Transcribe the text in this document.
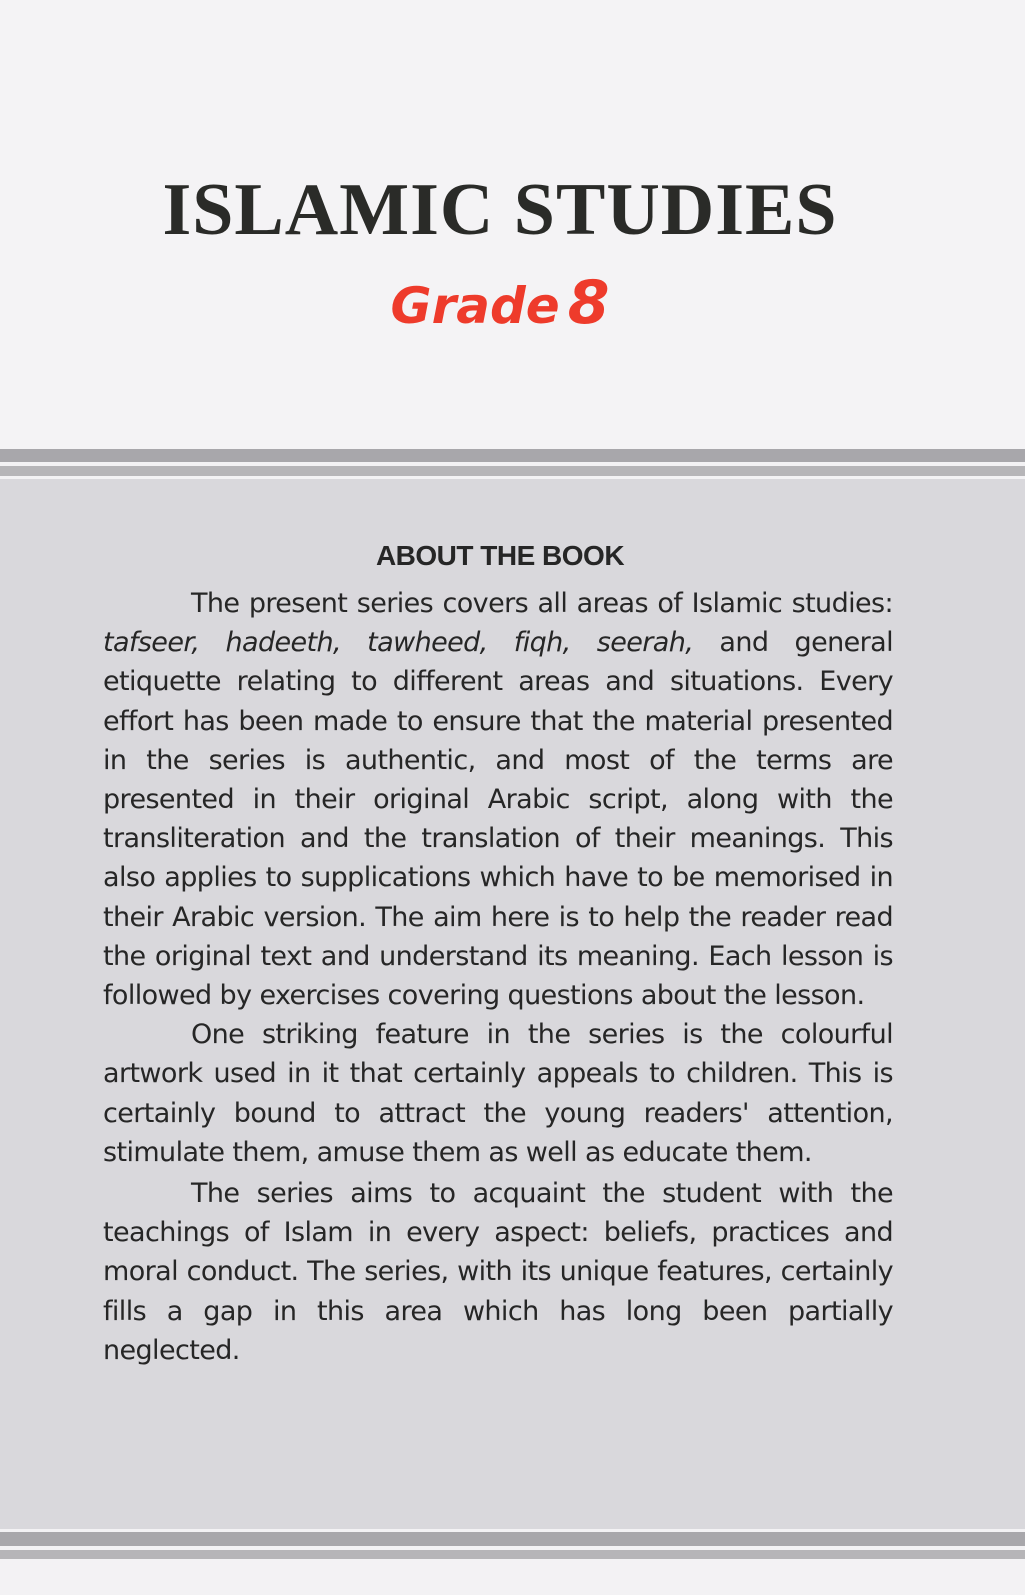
ISLAMIC STUDIES
Grade 8
ABOUT THE BOOK

The present series covers all areas of Islamic studies: tafseer, hadeeth, tawheed, fiqh, seerah, and general etiquette relating to different areas and situations. Every effort has been made to ensure that the material presented in the series is authentic, and most of the terms are presented in their original Arabic script, along with the transliteration and the translation of their meanings. This also applies to supplications which have to be memorised in their Arabic version. The aim here is to help the reader read the original text and understand its meaning. Each lesson is followed by exercises covering questions about the lesson.

One striking feature in the series is the colourful artwork used in it that certainly appeals to children. This is certainly bound to attract the young readers' attention, stimulate them, amuse them as well as educate them.

The series aims to acquaint the student with the teachings of Islam in every aspect: beliefs, practices and moral conduct. The series, with its unique features, certainly fills a gap in this area which has long been partially neglected.
